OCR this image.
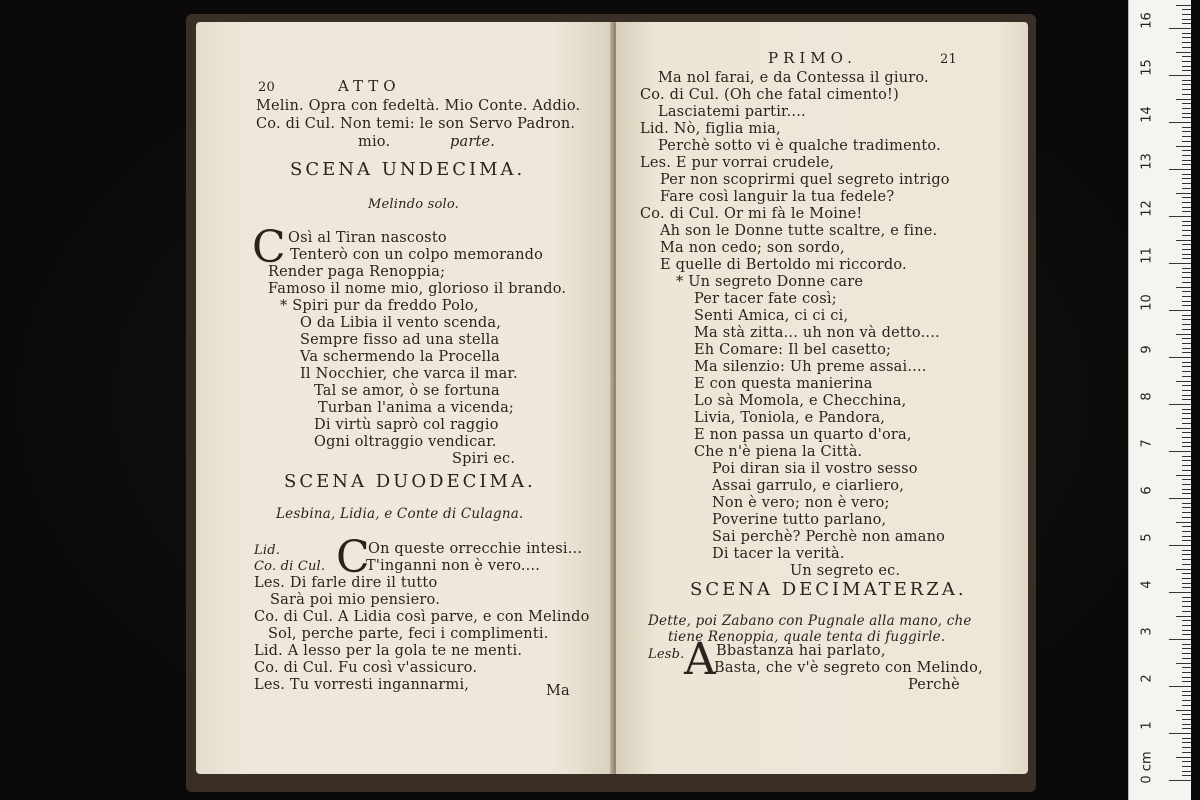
20	ATTO
Melin. Opra con fedeltà. Mio Conte. Addio.
Co. di Cul. Non temi: le son Servo Padron.
mio.	parte.
SCENA UNDECIMA.
Melindo solo.
C Osì al Tiran nascosto
Tenterò con un colpo memorando
Render paga Renoppia;
Famoso il nome mio, glorioso il brando.
* Spiri pur da freddo Polo,
O da Libia il vento scenda,
Sempre fisso ad una stella
Va schermendo la Procella
Il Nocchier, che varca il mar.
Tal se amor, ò se fortuna
Turban l'anima a vicenda;
Di virtù saprò col raggio
Ogni oltraggio vendicar.
Spiri ec.
SCENA DUODECIMA.
Lesbina, Lidia, e Conte di Culagna.
Lid.
Co. di Cul. C
On queste orrecchie intesi...
T'inganni non è vero....
Les. Di farle dire il tutto
Sarà poi mio pensiero.
Co. di Cul. A Lidia così parve, e con Melindo
Sol, perche parte, feci i complimenti.
Lid. A lesso per la gola te ne menti.
Co. di Cul. Fu così v'assicuro.
Les. Tu vorresti ingannarmi,	Ma
PRIMO.	21
Ma nol farai, e da Contessa il giuro.
Co. di Cul. (Oh che fatal cimento!)
Lasciatemi partir....
Lid. Nò, figlia mia,
Perchè sotto vi è qualche tradimento.
Les. E pur vorrai crudele,
Per non scoprirmi quel segreto intrigo
Fare così languir la tua fedele?
Co. di Cul. Or mi fà le Moine!
Ah son le Donne tutte scaltre, e fine.
Ma non cedo; son sordo,
E quelle di Bertoldo mi riccordo.
* Un segreto Donne care
Per tacer fate così;
Senti Amica, ci ci ci,
Ma stà zitta... uh non và detto....
Eh Comare: Il bel casetto;
Ma silenzio: Uh preme assai....
E con questa manierina
Lo sà Momola, e Checchina,
Livia, Toniola, e Pandora,
E non passa un quarto d'ora,
Che n'è piena la Città.
Poi diran sia il vostro sesso
Assai garrulo, e ciarliero,
Non è vero; non è vero;
Poverine tutto parlano,
Sai perchè? Perchè non amano
Di tacer la verità.
Un segreto ec.
SCENA DECIMATERZA.
Dette, poi Zabano con Pugnale alla mano, che
tiene Renoppia, quale tenta di fuggirle.
Lesb. A Bbastanza hai parlato,
Basta, che v'è segreto con Melindo,
Perchè
0 cm
1
2
3
4
5
6
7
8
9
10
11
12
13
14
15
16
